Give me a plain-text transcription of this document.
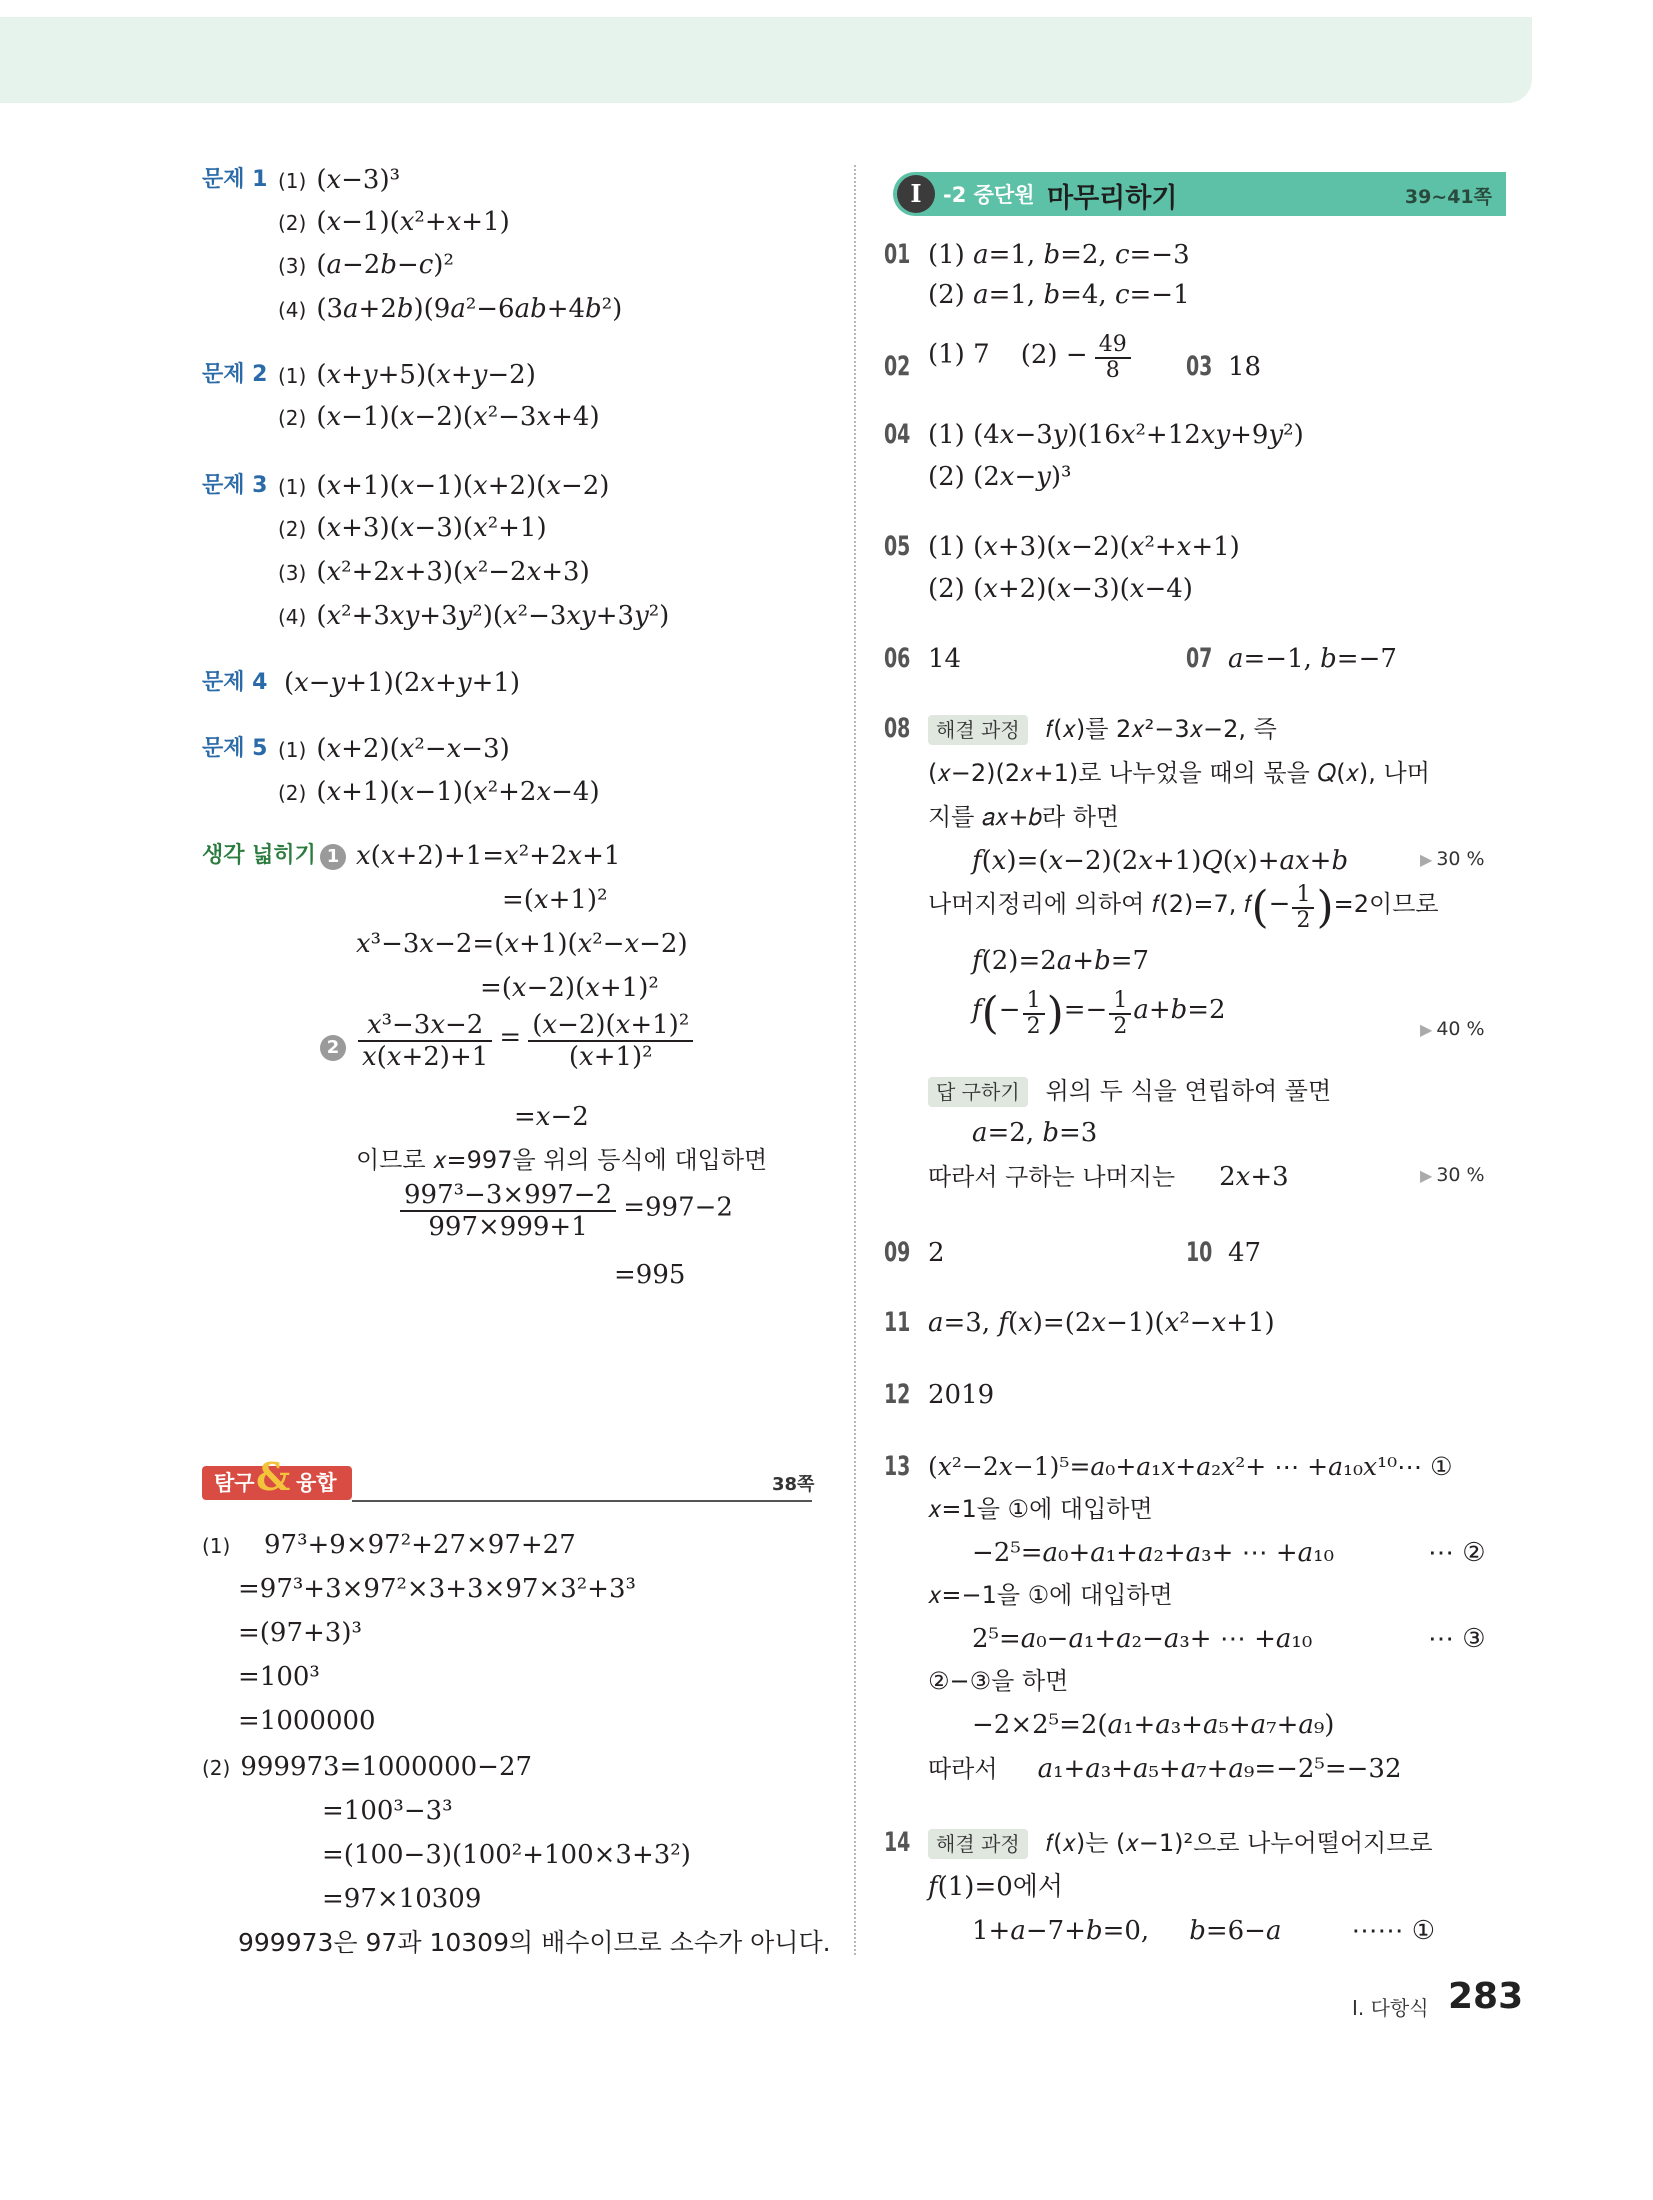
문제 1 (1) (𝑥−3)³
(2) (𝑥−1)(𝑥²+𝑥+1)
(3) (𝑎−2𝑏−𝑐)²
(4) (3𝑎+2𝑏)(9𝑎²−6𝑎𝑏+4𝑏²)
문제 2 (1) (𝑥+𝑦+5)(𝑥+𝑦−2)
(2) (𝑥−1)(𝑥−2)(𝑥²−3𝑥+4)
문제 3 (1) (𝑥+1)(𝑥−1)(𝑥+2)(𝑥−2)
(2) (𝑥+3)(𝑥−3)(𝑥²+1)
(3) (𝑥²+2𝑥+3)(𝑥²−2𝑥+3)
(4) (𝑥²+3𝑥𝑦+3𝑦²)(𝑥²−3𝑥𝑦+3𝑦²)
문제 4 (𝑥−𝑦+1)(2𝑥+𝑦+1)
문제 5 (1) (𝑥+2)(𝑥²−𝑥−3)
(2) (𝑥+1)(𝑥−1)(𝑥²+2𝑥−4)
생각 넓히기 1 𝑥(𝑥+2)+1=𝑥²+2𝑥+1
=(𝑥+1)²
𝑥³−3𝑥−2=(𝑥+1)(𝑥²−𝑥−2)
=(𝑥−2)(𝑥+1)²
$2 \frac{\text{𝑥³−3𝑥−2}}{\text{𝑥(𝑥+2)+1}} = \frac{\text{(𝑥−2)(𝑥+1)²}}{\text{(𝑥+1)²}}$
=𝑥−2
이므로 𝑥=997을 위의 등식에 대입하면
$\frac{\text{997³−3×997−2}}{997\times 999+1} =997-2$
=995
탐구 & 융합	38쪽
(1)	97³+9×97²+27×97+27
=97³+3×97²×3+3×97×3²+3³
=(97+3)³
=100³
=1000000
(2) 999973=1000000−27
=100³−3³
=(100−3)(100²+100×3+3²)
=97×10309
999973은 97과 10309의 배수이므로 소수가 아니다.
I	-2 중단원 마무리하기	39~41쪽
01 (1) 𝑎=1, 𝑏=2, 𝑐=−3
(2) 𝑎=1, 𝑏=4, 𝑐=−1
02 (1) 7 $(2) - \frac{49}{8} 03$ 18
04 (1) (4𝑥−3𝑦)(16𝑥²+12𝑥𝑦+9𝑦²)
(2) (2𝑥−𝑦)³
05 (1) (𝑥+3)(𝑥−2)(𝑥²+𝑥+1)
(2) (𝑥+2)(𝑥−3)(𝑥−4)
06 14	07 𝑎=−1, 𝑏=−7
08	해결 과정 𝑓(𝑥)를 2𝑥²−3𝑥−2, 즉
(𝑥−2)(2𝑥+1)로 나누었을 때의 몫을 𝑄(𝑥), 나머
지를 𝑎𝑥+𝑏라 하면
𝑓(𝑥)=(𝑥−2)(2𝑥+1)𝑄(𝑥)+𝑎𝑥+𝑏	▶ 30 %
나머지정리에 의하여 𝑓(2)=7, 𝑓(− $\frac{1}{2} )=2$이므로
𝑓(2)=2𝑎+𝑏=7
𝑓(− $\frac{1}{2}$ )=− $\frac{1}{2}$ 𝑎+𝑏=2
▶ 40 %
답 구하기 위의 두 식을 연립하여 풀면
𝑎=2, 𝑏=3
따라서 구하는 나머지는 2𝑥+3	▶ 30 %
09 2	10 47
11 𝑎=3, 𝑓(𝑥)=(2𝑥−1)(𝑥²−𝑥+1)
12 2019
13 (𝑥²−2𝑥−1)⁵=𝑎₀+𝑎₁𝑥+𝑎₂𝑥²+ ⋯ +𝑎₁₀𝑥¹⁰⋯ ①
𝑥=1을 ①에 대입하면
−2⁵=𝑎₀+𝑎₁+𝑎₂+𝑎₃+ ⋯ +𝑎₁₀	⋯ ②
𝑥=−1을 ①에 대입하면
2⁵=𝑎₀−𝑎₁+𝑎₂−𝑎₃+ ⋯ +𝑎₁₀	⋯ ③
②−③을 하면
−2×2⁵=2(𝑎₁+𝑎₃+𝑎₅+𝑎₇+𝑎₉)
따라서 𝑎₁+𝑎₃+𝑎₅+𝑎₇+𝑎₉=−2⁵=−32
14	해결 과정 𝑓(𝑥)는 (𝑥−1)²으로 나누어떨어지므로
𝑓(1)=0에서
1+𝑎−7+𝑏=0, 𝑏=6−𝑎	⋯⋯ ①
I. 다항식 283
